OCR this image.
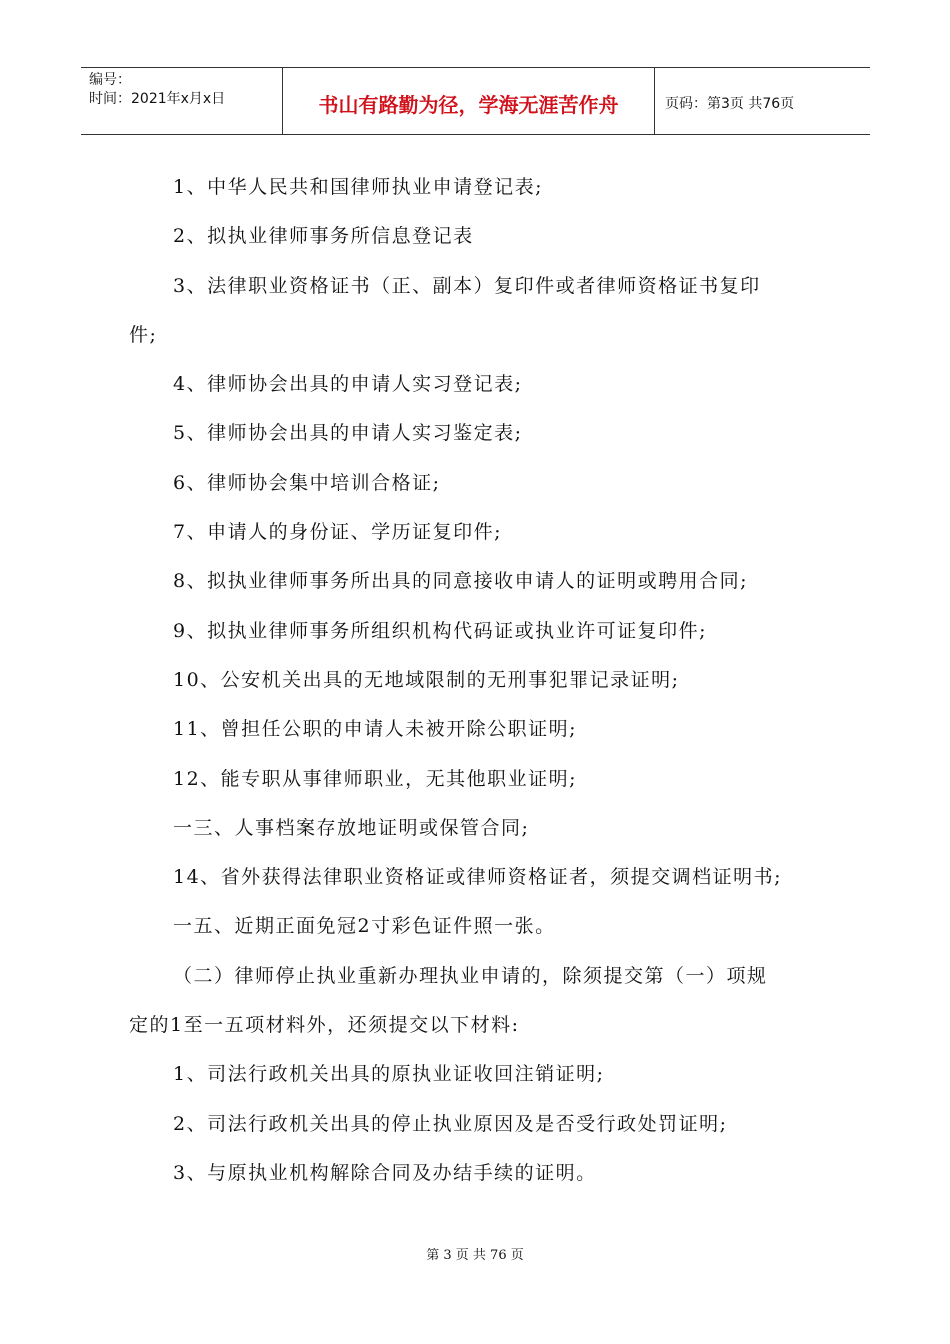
编号：
时间：2021年x月x日	书山有路勤为径，学海无涯苦作舟	页码：第3页 共76页
1、中华人民共和国律师执业申请登记表;
2、拟执业律师事务所信息登记表
3、法律职业资格证书（正、副本）复印件或者律师资格证书复印
件;
4、律师协会出具的申请人实习登记表;
5、律师协会出具的申请人实习鉴定表;
6、律师协会集中培训合格证;
7、申请人的身份证、学历证复印件;
8、拟执业律师事务所出具的同意接收申请人的证明或聘用合同;
9、拟执业律师事务所组织机构代码证或执业许可证复印件;
10、公安机关出具的无地域限制的无刑事犯罪记录证明;
11、曾担任公职的申请人未被开除公职证明;
12、能专职从事律师职业，无其他职业证明;
一三、人事档案存放地证明或保管合同;
14、省外获得法律职业资格证或律师资格证者，须提交调档证明书;
一五、近期正面免冠2寸彩色证件照一张。
（二）律师停止执业重新办理执业申请的，除须提交第（一）项规
定的1至一五项材料外，还须提交以下材料:
1、司法行政机关出具的原执业证收回注销证明;
2、司法行政机关出具的停止执业原因及是否受行政处罚证明;
3、与原执业机构解除合同及办结手续的证明。
第 3 页 共 76 页
